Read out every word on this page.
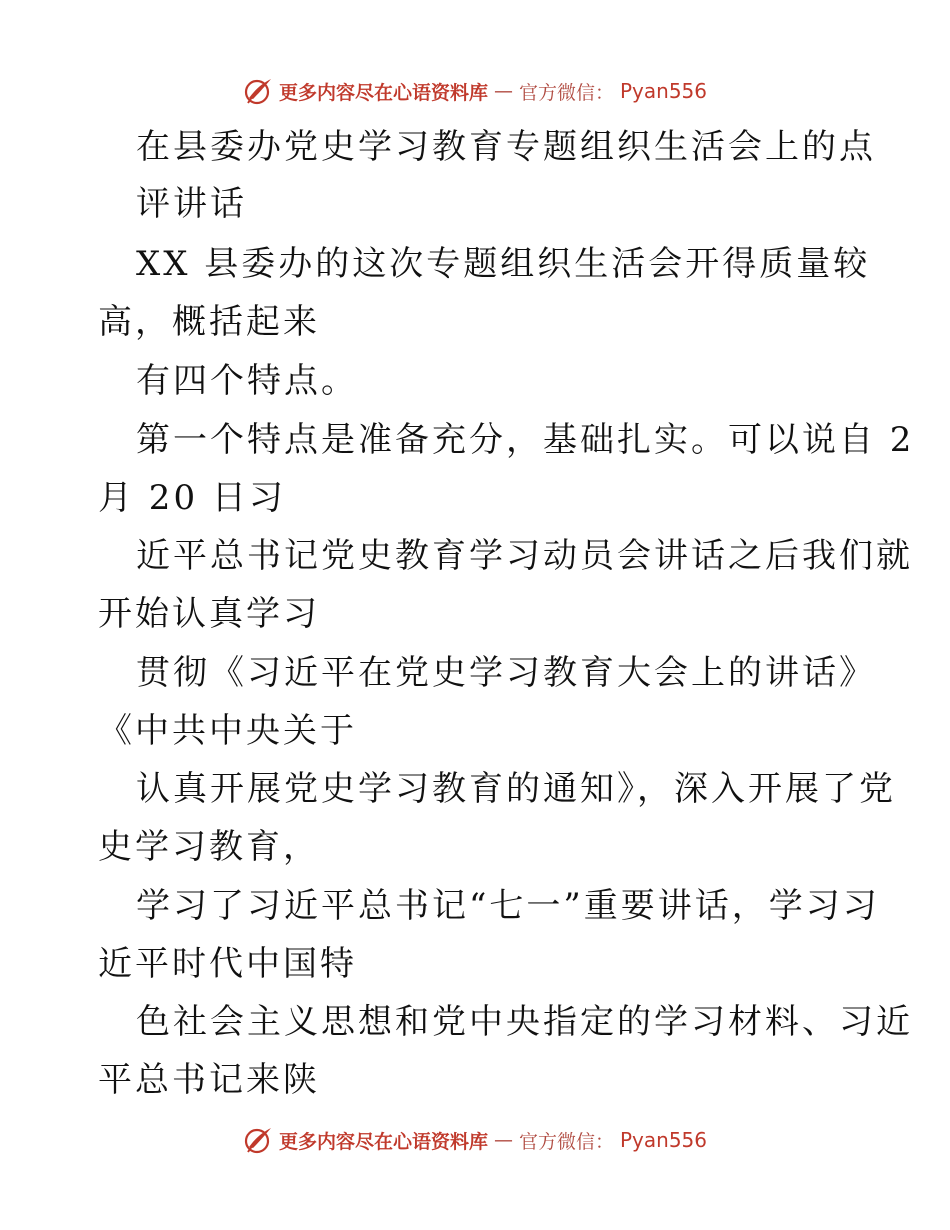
更多内容尽在心语资料库 — 官方微信： Pyan556
在县委办党史学习教育专题组织生活会上的点
评讲话
XX 县委办的这次专题组织生活会开得质量较
高，概括起来
有四个特点。
第一个特点是准备充分，基础扎实。可以说自 2
月 20 日习
近平总书记党史教育学习动员会讲话之后我们就
开始认真学习
贯彻《习近平在党史学习教育大会上的讲话》
《中共中央关于
认真开展党史学习教育的通知》，深入开展了党
史学习教育，
学习了习近平总书记“七一”重要讲话，学习习
近平时代中国特
色社会主义思想和党中央指定的学习材料、习近
平总书记来陕
更多内容尽在心语资料库 — 官方微信： Pyan556
